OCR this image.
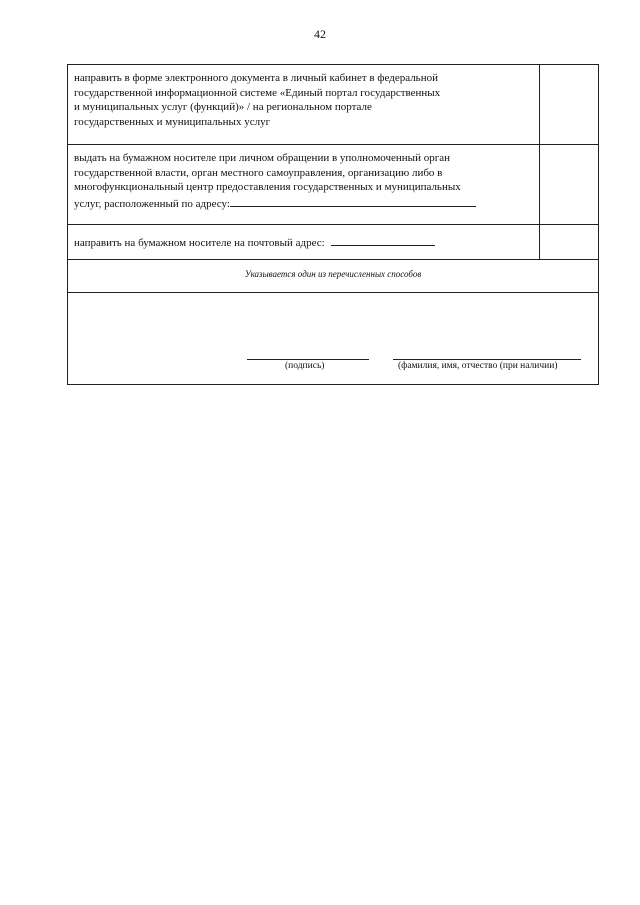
42
направить в форме электронного документа в личный кабинет в федеральной
государственной информационной системе «Единый портал государственных
и муниципальных услуг (функций)» / на региональном портале
государственных и муниципальных услуг
выдать на бумажном носителе при личном обращении в уполномоченный орган
государственной власти, орган местного самоуправления, организацию либо в
многофункциональный центр предоставления государственных и муниципальных
услуг, расположенный по адресу:
направить на бумажном носителе на почтовый адрес:
Указывается один из перечисленных способов
(подпись)	(фамилия, имя, отчество (при наличии)
